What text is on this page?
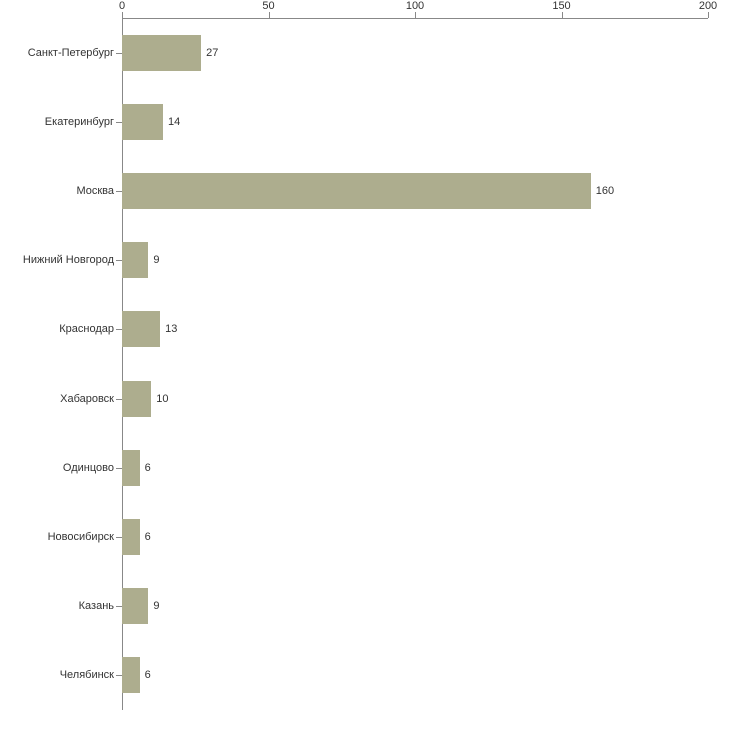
0	50	100	150	200
Санкт-Петербург
Екатеринбург
Москва
Нижний Новгород
Краснодар
Хабаровск
Одинцово
Новосибирск
Казань
Челябинск
27
14
160
9
13
10
6
6
9
6
